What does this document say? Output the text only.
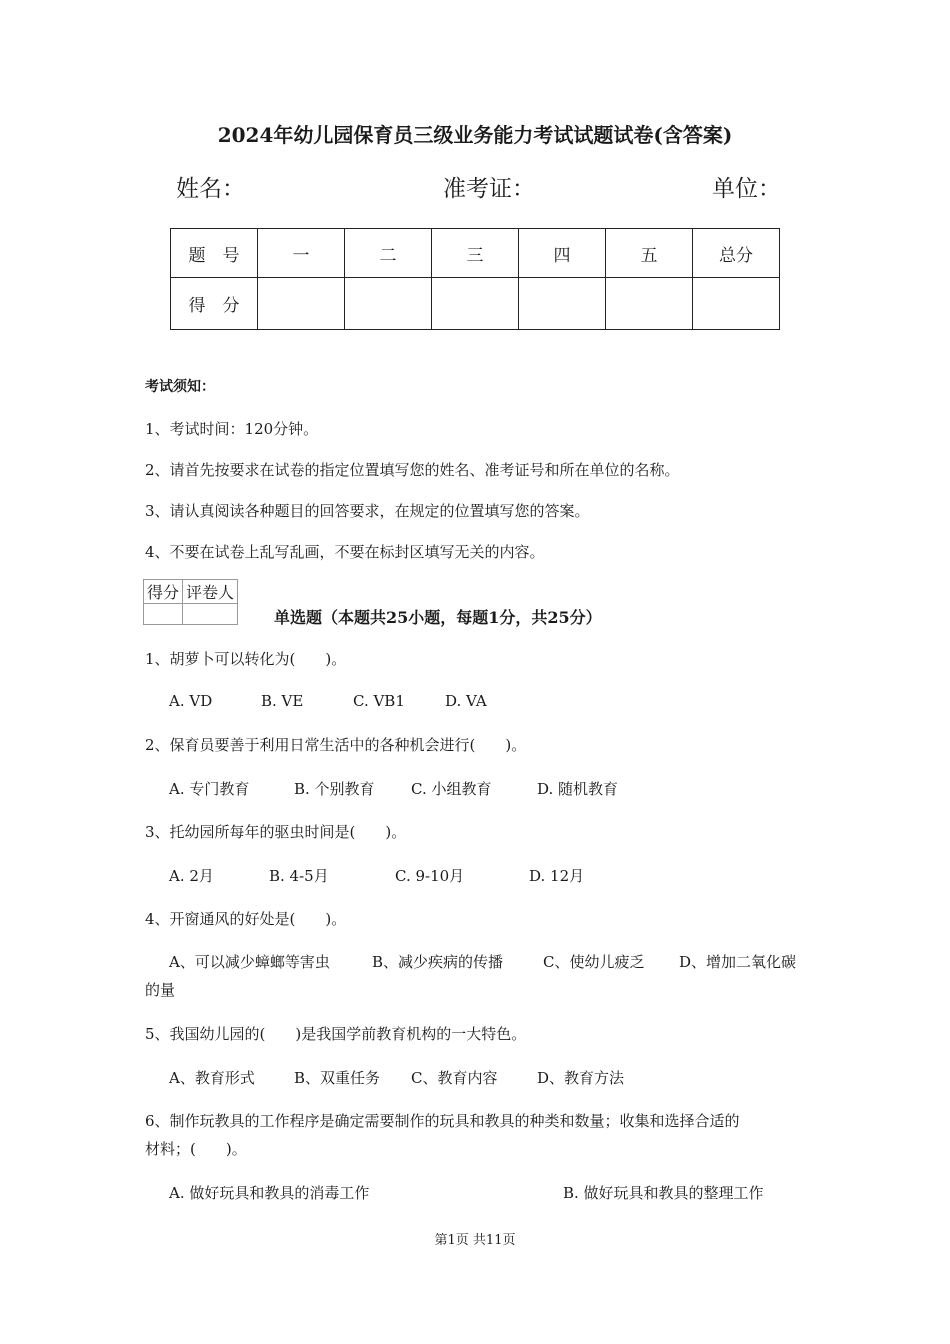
2024年幼儿园保育员三级业务能力考试试题试卷(含答案)
姓名：	准考证：	单位：
题　号	一	二	三	四	五	总分
得　分						
考试须知：
1、考试时间：120分钟。
2、请首先按要求在试卷的指定位置填写您的姓名、准考证号和所在单位的名称。
3、请认真阅读各种题目的回答要求，在规定的位置填写您的答案。
4、不要在试卷上乱写乱画，不要在标封区填写无关的内容。
得分	评卷人

单选题（本题共25小题，每题1分，共25分）
1、胡萝卜可以转化为(　　)。
A. VD	B. VE	C. VB1	D. VA
2、保育员要善于利用日常生活中的各种机会进行(　　)。
A. 专门教育	B. 个别教育 C. 小组教育	D. 随机教育
3、托幼园所每年的驱虫时间是(　　)。
A. 2月	B. 4-5月	C. 9-10月	D. 12月
4、开窗通风的好处是(　　)。
A、可以减少蟑螂等害虫	B、减少疾病的传播	C、使幼儿疲乏 D、增加二氧化碳
的量
5、我国幼儿园的(　　)是我国学前教育机构的一大特色。
A、教育形式	B、双重任务 C、教育内容	D、教育方法
6、制作玩教具的工作程序是确定需要制作的玩具和教具的种类和数量；收集和选择合适的
材料；(　　)。
A. 做好玩具和教具的消毒工作	B. 做好玩具和教具的整理工作
第1页 共11页
